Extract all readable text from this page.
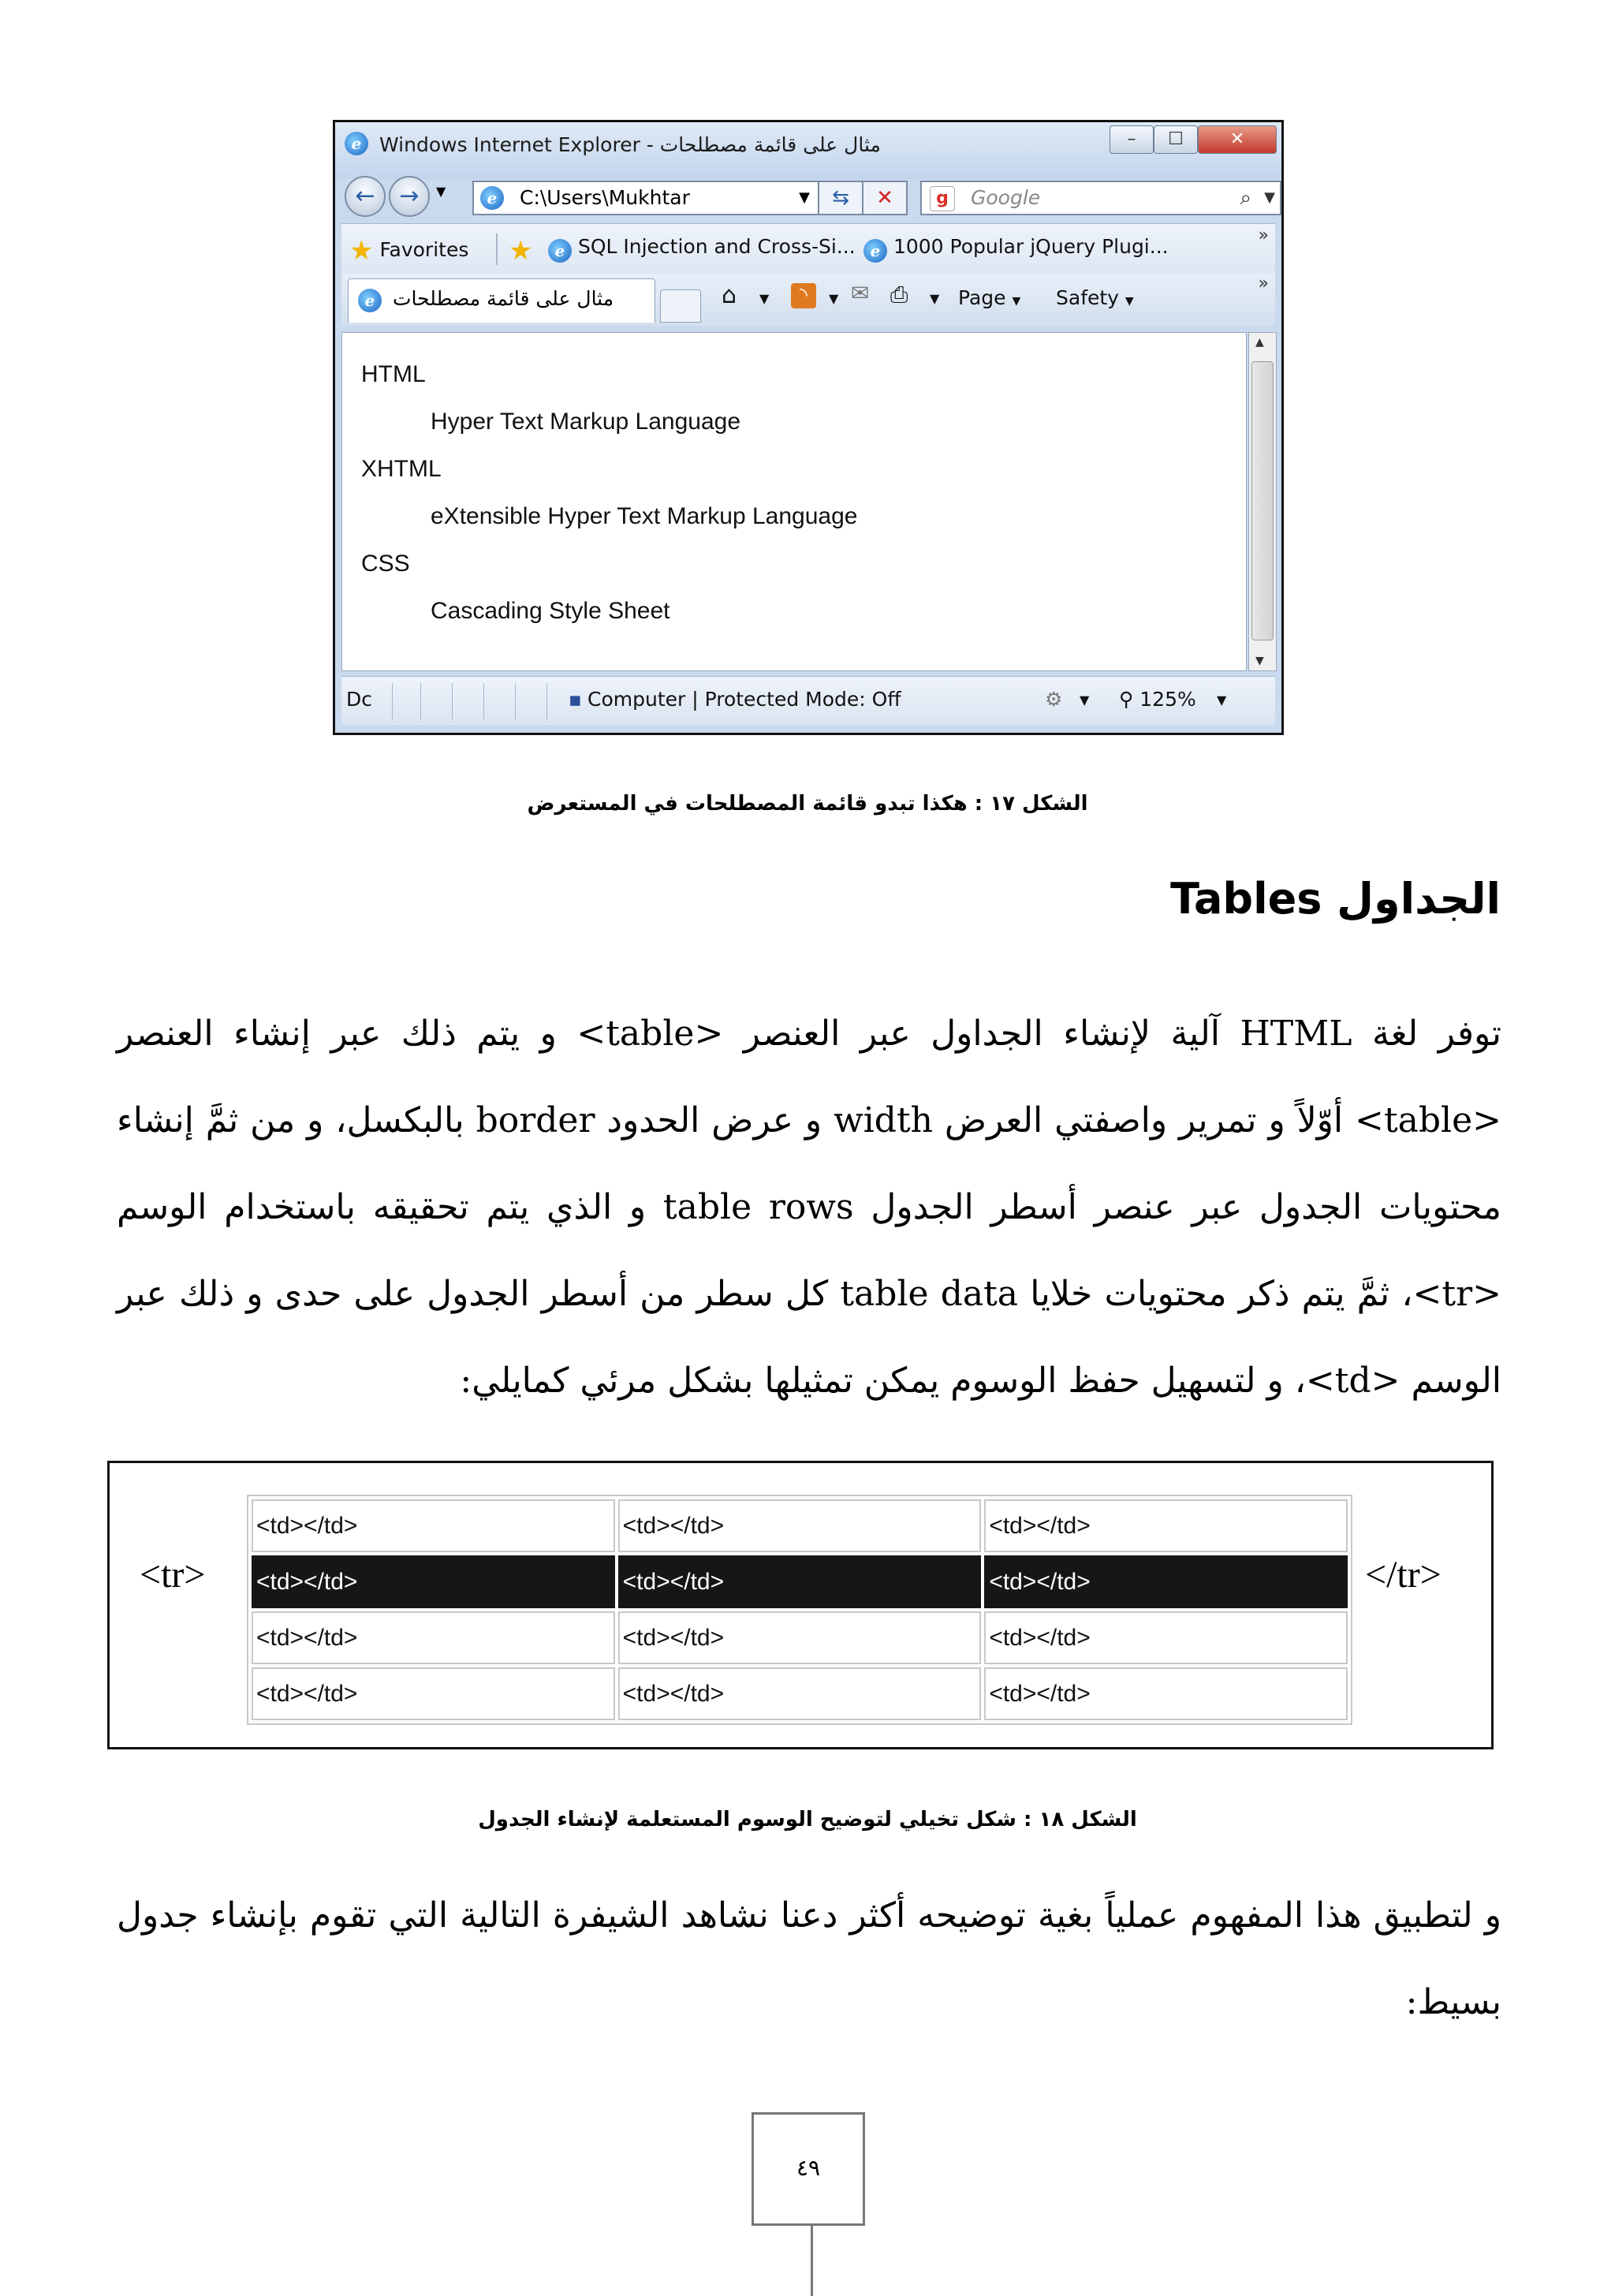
e مثال على قائمة مصطلحات - Windows Internet Explorer	–	☐	✕
←	→	▼	e	C:\Users\Mukhtar	▼	⇆	✕	g	Google	⌕ ▼
★ Favorites ★	e SQL Injection and Cross-Si... e 1000 Popular jQuery Plugi...	»
e مثال على قائمة مصطلحات	⌂ ▼	◝	▼ ✉ ⎙ ▼ Page ▼ Safety ▼
»
HTML
Hyper Text Markup Language
XHTML
eXtensible Hyper Text Markup Language
CSS
Cascading Style Sheet
▲
▼
Dc	▪ Computer | Protected Mode: Off	⚙ ▼ ⚲ 125% ▼
الشكل ١٧ : هكذا تبدو قائمة المصطلحات في المستعرض
الجداول Tables

توفر لغة HTML آلية لإنشاء الجداول عبر العنصر <table> و يتم ذلك عبر إنشاء العنصر <table> أوّلاً و تمرير واصفتي العرض width و عرض الحدود border بالبكسل، و من ثمَّ إنشاء محتويات الجدول عبر عنصر أسطر الجدول table rows و الذي يتم تحقيقه باستخدام الوسم <tr>، ثمَّ يتم ذكر محتويات خلايا table data كل سطر من أسطر الجدول على حدى و ذلك عبر الوسم <td>، و لتسهيل حفظ الوسوم يمكن تمثيلها بشكل مرئي كمايلي:

<tr>
<td></td>	<td></td>	<td></td>
<td></td>	<td></td>	<td></td>
<td></td>	<td></td>	<td></td>
<td></td>	<td></td>	<td></td>
</tr>
الشكل ١٨ : شكل تخيلي لتوضيح الوسوم المستعلمة لإنشاء الجدول

و لتطبيق هذا المفهوم عملياً بغية توضيحه أكثر دعنا نشاهد الشيفرة التالية التي تقوم بإنشاء جدول بسيط:

٤٩
